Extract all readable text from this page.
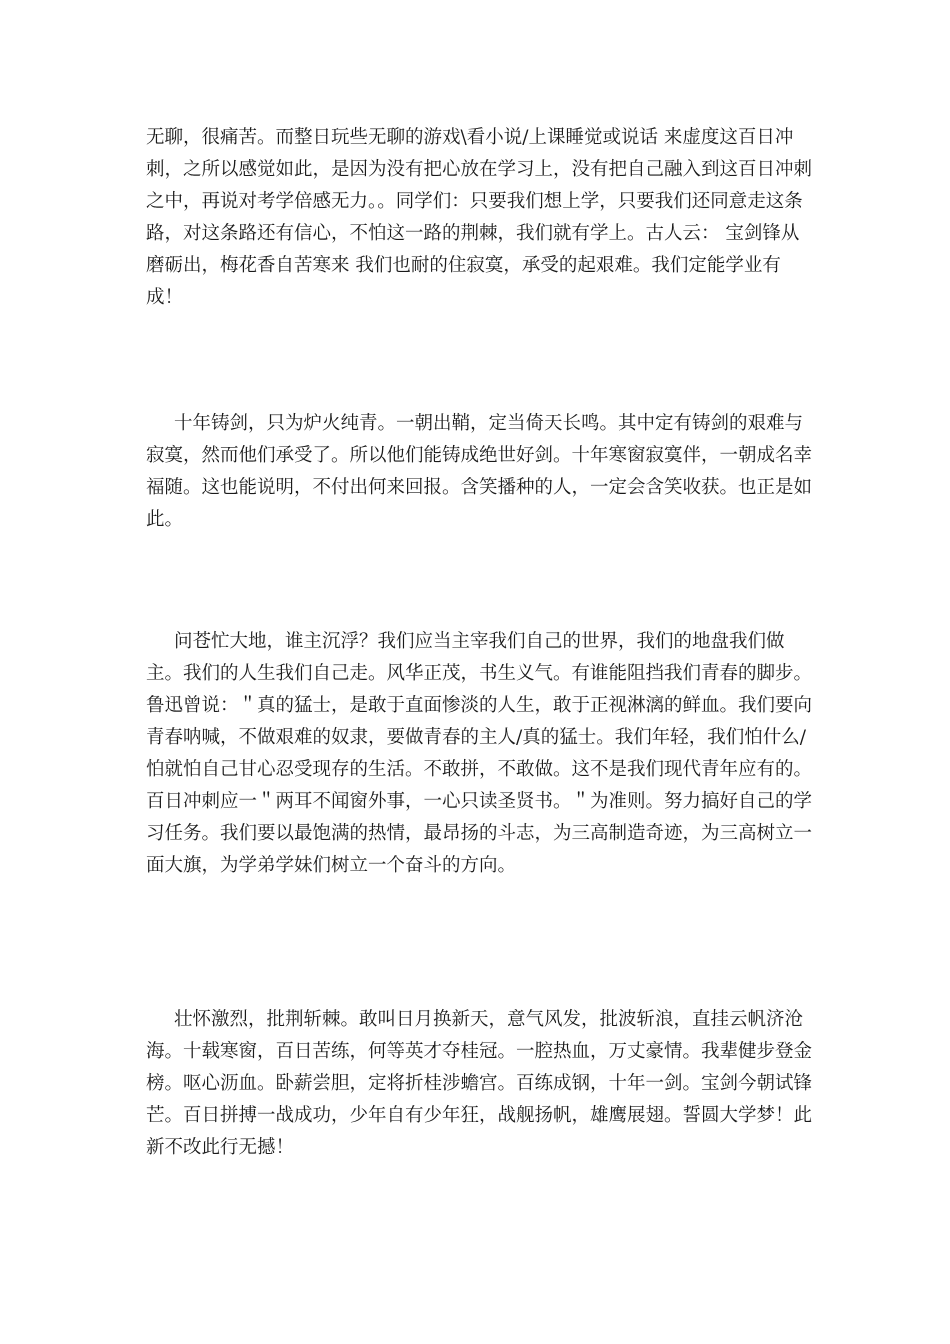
无聊，很痛苦。而整日玩些无聊的游戏\看小说/上课睡觉或说话 来虚度这百日冲刺，之所以感觉如此，是因为没有把心放在学习上，没有把自己融入到这百日冲刺之中，再说对考学倍感无力。。同学们：只要我们想上学，只要我们还同意走这条路，对这条路还有信心，不怕这一路的荆棘，我们就有学上。古人云： 宝剑锋从磨砺出，梅花香自苦寒来 我们也耐的住寂寞，承受的起艰难。我们定能学业有成！

十年铸剑，只为炉火纯青。一朝出鞘，定当倚天长鸣。其中定有铸剑的艰难与寂寞，然而他们承受了。所以他们能铸成绝世好剑。十年寒窗寂寞伴，一朝成名幸福随。这也能说明，不付出何来回报。含笑播种的人，一定会含笑收获。也正是如此。

问苍忙大地，谁主沉浮？我们应当主宰我们自己的世界，我们的地盘我们做主。我们的人生我们自己走。风华正茂，书生义气。有谁能阻挡我们青春的脚步。鲁迅曾说：＂真的猛士，是敢于直面惨淡的人生，敢于正视淋漓的鲜血。我们要向青春呐喊，不做艰难的奴隶，要做青春的主人/真的猛士。我们年轻，我们怕什么/怕就怕自己甘心忍受现存的生活。不敢拼，不敢做。这不是我们现代青年应有的。百日冲刺应一＂两耳不闻窗外事，一心只读圣贤书。＂为准则。努力搞好自己的学习任务。我们要以最饱满的热情，最昂扬的斗志，为三高制造奇迹，为三高树立一面大旗，为学弟学妹们树立一个奋斗的方向。

壮怀激烈，批荆斩棘。敢叫日月换新天，意气风发，批波斩浪，直挂云帆济沧海。十载寒窗，百日苦练，何等英才夺桂冠。一腔热血，万丈豪情。我辈健步登金榜。呕心沥血。卧薪尝胆，定将折桂涉蟾宫。百练成钢，十年一剑。宝剑今朝试锋芒。百日拼搏一战成功，少年自有少年狂，战舰扬帆，雄鹰展翅。誓圆大学梦！此新不改此行无撼！
